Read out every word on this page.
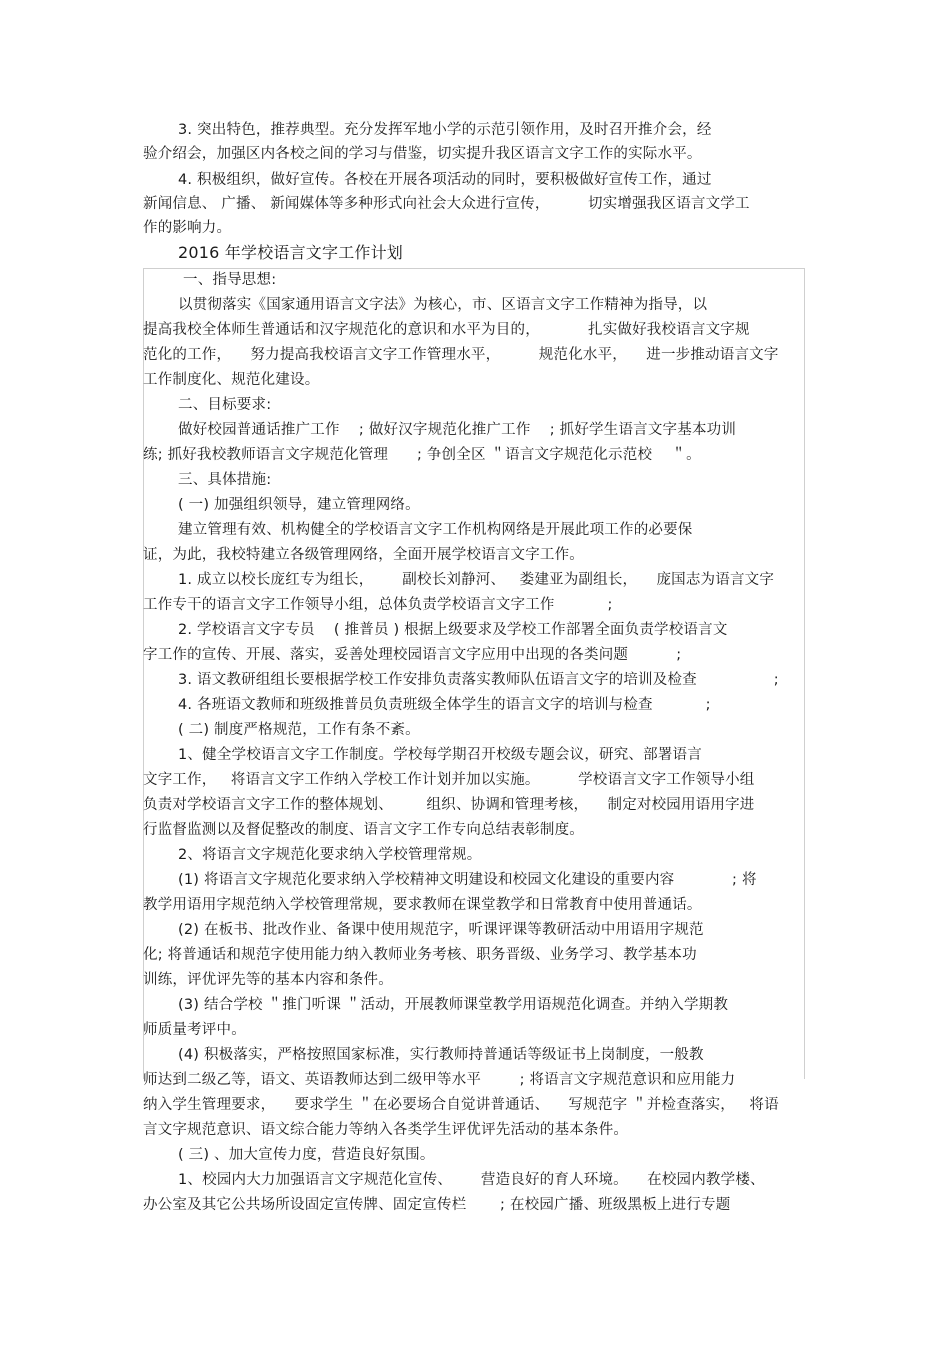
3. 突出特色，推荐典型。充分发挥军地小学的示范引领作用，及时召开推介会，经
验介绍会，加强区内各校之间的学习与借鉴，切实提升我区语言文字工作的实际水平。
4. 积极组织，做好宣传。各校在开展各项活动的同时，要积极做好宣传工作，通过
新闻信息、 广播、 新闻媒体等多种形式向社会大众进行宣传，        切实增强我区语言文学工
作的影响力。
2016 年学校语言文字工作计划
一、指导思想:
以贯彻落实《国家通用语言文字法》为核心，市、区语言文字工作精神为指导，以
提高我校全体师生普通话和汉字规范化的意识和水平为目的，          扎实做好我校语言文字规
范化的工作，    努力提高我校语言文字工作管理水平，        规范化水平，    进一步推动语言文字
工作制度化、规范化建设。
二、目标要求:
做好校园普通话推广工作    ; 做好汉字规范化推广工作    ; 抓好学生语言文字基本功训
练; 抓好我校教师语言文字规范化管理      ; 争创全区 ＂语言文字规范化示范校    ＂。
三、具体措施:
( 一) 加强组织领导，建立管理网络。
建立管理有效、机构健全的学校语言文字工作机构网络是开展此项工作的必要保
证，为此，我校特建立各级管理网络，全面开展学校语言文字工作。
1. 成立以校长庞红专为组长，      副校长刘静河、   娄建亚为副组长，    庞国志为语言文字
工作专干的语言文字工作领导小组，总体负责学校语言文字工作           ;
2. 学校语言文字专员    ( 推普员 ) 根据上级要求及学校工作部署全面负责学校语言文
字工作的宣传、开展、落实，妥善处理校园语言文字应用中出现的各类问题          ;
3. 语文教研组组长要根据学校工作安排负责落实教师队伍语言文字的培训及检查                ;
4. 各班语文教师和班级推普员负责班级全体学生的语言文字的培训与检查           ;
( 二) 制度严格规范，工作有条不紊。
1、健全学校语言文字工作制度。学校每学期召开校级专题会议，研究、部署语言
文字工作，   将语言文字工作纳入学校工作计划并加以实施。        学校语言文字工作领导小组
负责对学校语言文字工作的整体规划、       组织、协调和管理考核，    制定对校园用语用字进
行监督监测以及督促整改的制度、语言文字工作专向总结表彰制度。
2、将语言文字规范化要求纳入学校管理常规。
(1) 将语言文字规范化要求纳入学校精神文明建设和校园文化建设的重要内容            ; 将
教学用语用字规范纳入学校管理常规，要求教师在课堂教学和日常教育中使用普通话。
(2) 在板书、批改作业、备课中使用规范字，听课评课等教研活动中用语用字规范
化; 将普通话和规范字使用能力纳入教师业务考核、职务晋级、业务学习、教学基本功
训练，评优评先等的基本内容和条件。
(3) 结合学校 ＂推门听课 ＂活动，开展教师课堂教学用语规范化调查。并纳入学期教
师质量考评中。
(4) 积极落实，严格按照国家标准，实行教师持普通话等级证书上岗制度，一般教
师达到二级乙等，语文、英语教师达到二级甲等水平        ; 将语言文字规范意识和应用能力
纳入学生管理要求，    要求学生 ＂在必要场合自觉讲普通话、    写规范字 ＂并检查落实，   将语
言文字规范意识、语文综合能力等纳入各类学生评优评先活动的基本条件。
( 三) 、加大宣传力度，营造良好氛围。
1、校园内大力加强语言文字规范化宣传、      营造良好的育人环境。    在校园内教学楼、
办公室及其它公共场所设固定宣传牌、固定宣传栏       ; 在校园广播、班级黑板上进行专题
